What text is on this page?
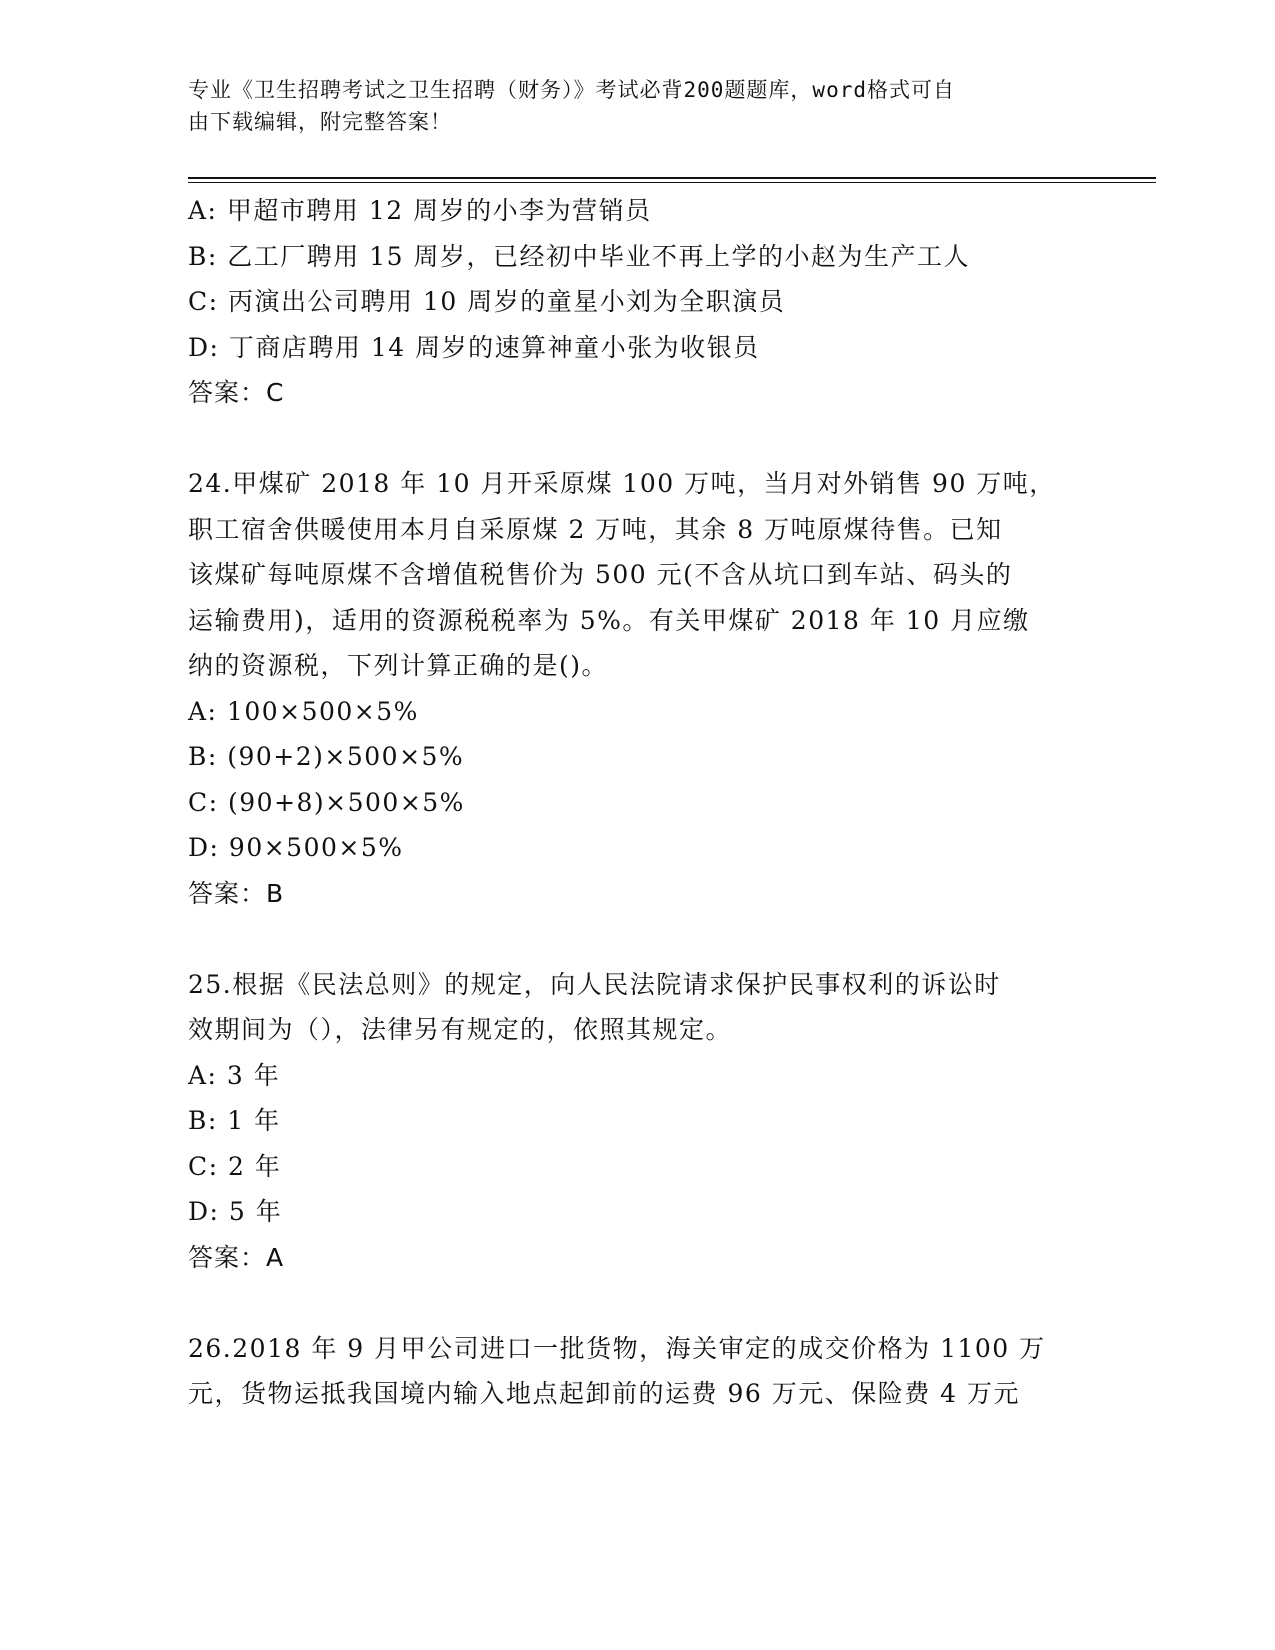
专业《卫生招聘考试之卫生招聘（财务）》考试必背200题题库，word格式可自
由下载编辑，附完整答案！
A: 甲超市聘用 12 周岁的小李为营销员
B: 乙工厂聘用 15 周岁，已经初中毕业不再上学的小赵为生产工人
C: 丙演出公司聘用 10 周岁的童星小刘为全职演员
D: 丁商店聘用 14 周岁的速算神童小张为收银员
答案：C
24.甲煤矿 2018 年 10 月开采原煤 100 万吨，当月对外销售 90 万吨，
职工宿舍供暖使用本月自采原煤 2 万吨，其余 8 万吨原煤待售。已知
该煤矿每吨原煤不含增值税售价为 500 元(不含从坑口到车站、码头的
运输费用)，适用的资源税税率为 5%。有关甲煤矿 2018 年 10 月应缴
纳的资源税，下列计算正确的是()。
A: 100×500×5%
B: (90+2)×500×5%
C: (90+8)×500×5%
D: 90×500×5%
答案：B
25.根据《民法总则》的规定，向人民法院请求保护民事权利的诉讼时
效期间为（），法律另有规定的，依照其规定。
A: 3 年
B: 1 年
C: 2 年
D: 5 年
答案：A
26.2018 年 9 月甲公司进口一批货物，海关审定的成交价格为 1100 万
元，货物运抵我国境内输入地点起卸前的运费 96 万元、保险费 4 万元
